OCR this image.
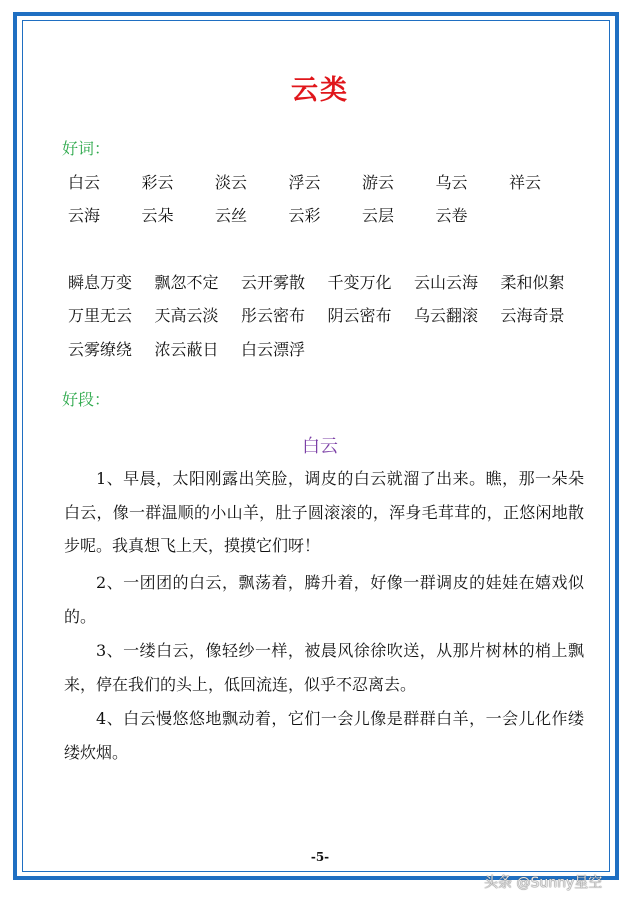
云类
好词：
白云	彩云	淡云	浮云	游云	乌云	祥云
云海	云朵	云丝	云彩	云层	云卷
瞬息万变	飘忽不定	云开雾散	千变万化	云山云海	柔和似絮
万里无云	天高云淡	彤云密布	阴云密布	乌云翻滚	云海奇景
云雾缭绕	浓云蔽日	白云漂浮
好段：
白云
1、早晨，太阳刚露出笑脸，调皮的白云就溜了出来。瞧，那一朵朵白云，像一群温顺的小山羊，肚子圆滚滚的，浑身毛茸茸的，正悠闲地散步呢。我真想飞上天，摸摸它们呀！
2、一团团的白云，飘荡着，腾升着，好像一群调皮的娃娃在嬉戏似的。
3、一缕白云，像轻纱一样，被晨风徐徐吹送，从那片树林的梢上飘来，停在我们的头上，低回流连，似乎不忍离去。
4、白云慢悠悠地飘动着，它们一会儿像是群群白羊，一会儿化作缕缕炊烟。
-5-
头条 @Sunny星空
